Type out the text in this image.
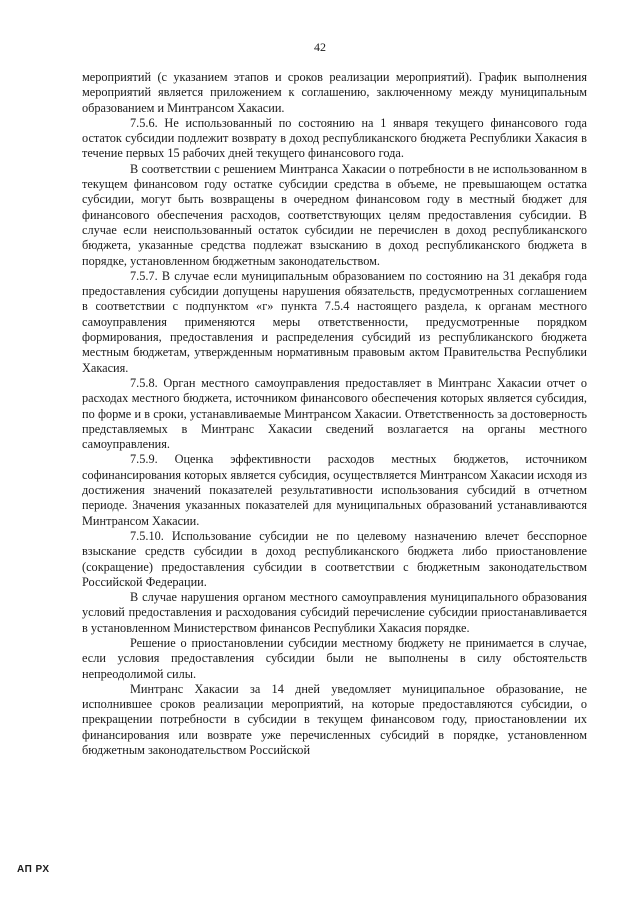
42

мероприятий (с указанием этапов и сроков реализации мероприятий). График выполнения мероприятий является приложением к соглашению, заключенному между муниципальным образованием и Минтрансом Хакасии.

7.5.6. Не использованный по состоянию на 1 января текущего финансового года остаток субсидии подлежит возврату в доход республиканского бюджета Республики Хакасия в течение первых 15 рабочих дней текущего финансового года.

В соответствии с решением Минтранса Хакасии о потребности в не использованном в текущем финансовом году остатке субсидии средства в объеме, не превышающем остатка субсидии, могут быть возвращены в очередном финансовом году в местный бюджет для финансового обеспечения расходов, соответствующих целям предоставления субсидии. В случае если неиспользованный остаток субсидии не перечислен в доход республиканского бюджета, указанные средства подлежат взысканию в доход республиканского бюджета в порядке, установленном бюджетным законодательством.

7.5.7. В случае если муниципальным образованием по состоянию на 31 декабря года предоставления субсидии допущены нарушения обязательств, предусмотренных соглашением в соответствии с подпунктом «г» пункта 7.5.4 настоящего раздела, к органам местного самоуправления применяются меры ответственности, предусмотренные порядком формирования, предоставления и распределения субсидий из республиканского бюджета местным бюджетам, утвержденным нормативным правовым актом Правительства Республики Хакасия.

7.5.8. Орган местного самоуправления предоставляет в Минтранс Хакасии отчет о расходах местного бюджета, источником финансового обеспечения которых является субсидия, по форме и в сроки, устанавливаемые Минтрансом Хакасии. Ответственность за достоверность представляемых в Минтранс Хакасии сведений возлагается на органы местного самоуправления.

7.5.9. Оценка эффективности расходов местных бюджетов, источником софинансирования которых является субсидия, осуществляется Минтрансом Хакасии исходя из достижения значений показателей результативности использования субсидий в отчетном периоде. Значения указанных показателей для муниципальных образований устанавливаются Минтрансом Хакасии.

7.5.10. Использование субсидии не по целевому назначению влечет бесспорное взыскание средств субсидии в доход республиканского бюджета либо приостановление (сокращение) предоставления субсидии в соответствии с бюджетным законодательством Российской Федерации.

В случае нарушения органом местного самоуправления муниципального образования условий предоставления и расходования субсидий перечисление субсидии приостанавливается в установленном Министерством финансов Республики Хакасия порядке.

Решение о приостановлении субсидии местному бюджету не принимается в случае, если условия предоставления субсидии были не выполнены в силу обстоятельств непреодолимой силы.

Минтранс Хакасии за 14 дней уведомляет муниципальное образование, не исполнившее сроков реализации мероприятий, на которые предоставляются субсидии, о прекращении потребности в субсидии в текущем финансовом году, приостановлении их финансирования или возврате уже перечисленных субсидий в порядке, установленном бюджетным законодательством Российской

АП РХ
